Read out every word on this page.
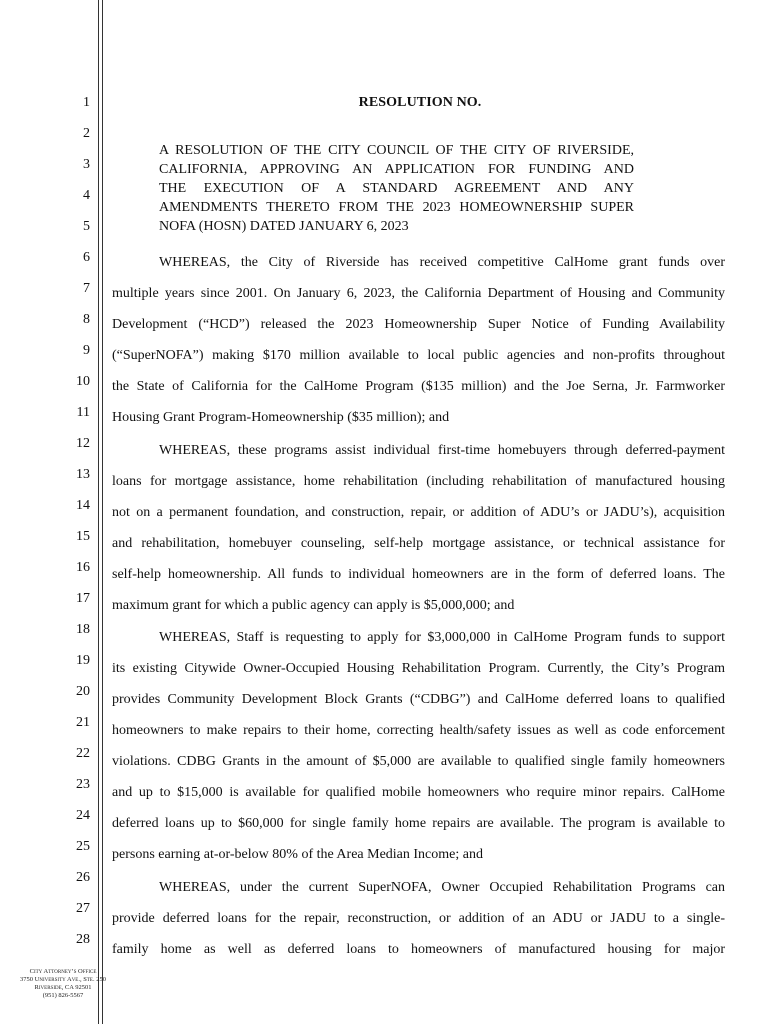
1
2
3
4
5
6
7
8
9
10
11
12
13
14
15
16
17
18
19
20
21
22
23
24
25
26
27
28
RESOLUTION NO.
A RESOLUTION OF THE CITY COUNCIL OF THE CITY OF RIVERSIDE,
CALIFORNIA, APPROVING AN APPLICATION FOR FUNDING AND
THE EXECUTION OF A STANDARD AGREEMENT AND ANY
AMENDMENTS THERETO FROM THE 2023 HOMEOWNERSHIP SUPER
NOFA (HOSN) DATED JANUARY 6, 2023
WHEREAS, the City of Riverside has received competitive CalHome grant funds over
multiple years since 2001. On January 6, 2023, the California Department of Housing and Community
Development (“HCD”) released the 2023 Homeownership Super Notice of Funding Availability
(“SuperNOFA”) making $170 million available to local public agencies and non-profits throughout
the State of California for the CalHome Program ($135 million) and the Joe Serna, Jr. Farmworker
Housing Grant Program-Homeownership ($35 million); and
WHEREAS, these programs assist individual first-time homebuyers through deferred-payment
loans for mortgage assistance, home rehabilitation (including rehabilitation of manufactured housing
not on a permanent foundation, and construction, repair, or addition of ADU’s or JADU’s), acquisition
and rehabilitation, homebuyer counseling, self-help mortgage assistance, or technical assistance for
self-help homeownership. All funds to individual homeowners are in the form of deferred loans. The
maximum grant for which a public agency can apply is $5,000,000; and
WHEREAS, Staff is requesting to apply for $3,000,000 in CalHome Program funds to support
its existing Citywide Owner-Occupied Housing Rehabilitation Program. Currently, the City’s Program
provides Community Development Block Grants (“CDBG”) and CalHome deferred loans to qualified
homeowners to make repairs to their home, correcting health/safety issues as well as code enforcement
violations. CDBG Grants in the amount of $5,000 are available to qualified single family homeowners
and up to $15,000 is available for qualified mobile homeowners who require minor repairs. CalHome
deferred loans up to $60,000 for single family home repairs are available. The program is available to
persons earning at-or-below 80% of the Area Median Income; and
WHEREAS, under the current SuperNOFA, Owner Occupied Rehabilitation Programs can
provide deferred loans for the repair, reconstruction, or addition of an ADU or JADU to a single-
family home as well as deferred loans to homeowners of manufactured housing for major
City Attorney’s Office
3750 University Ave., Ste. 250
Riverside, CA 92501
(951) 826-5567
